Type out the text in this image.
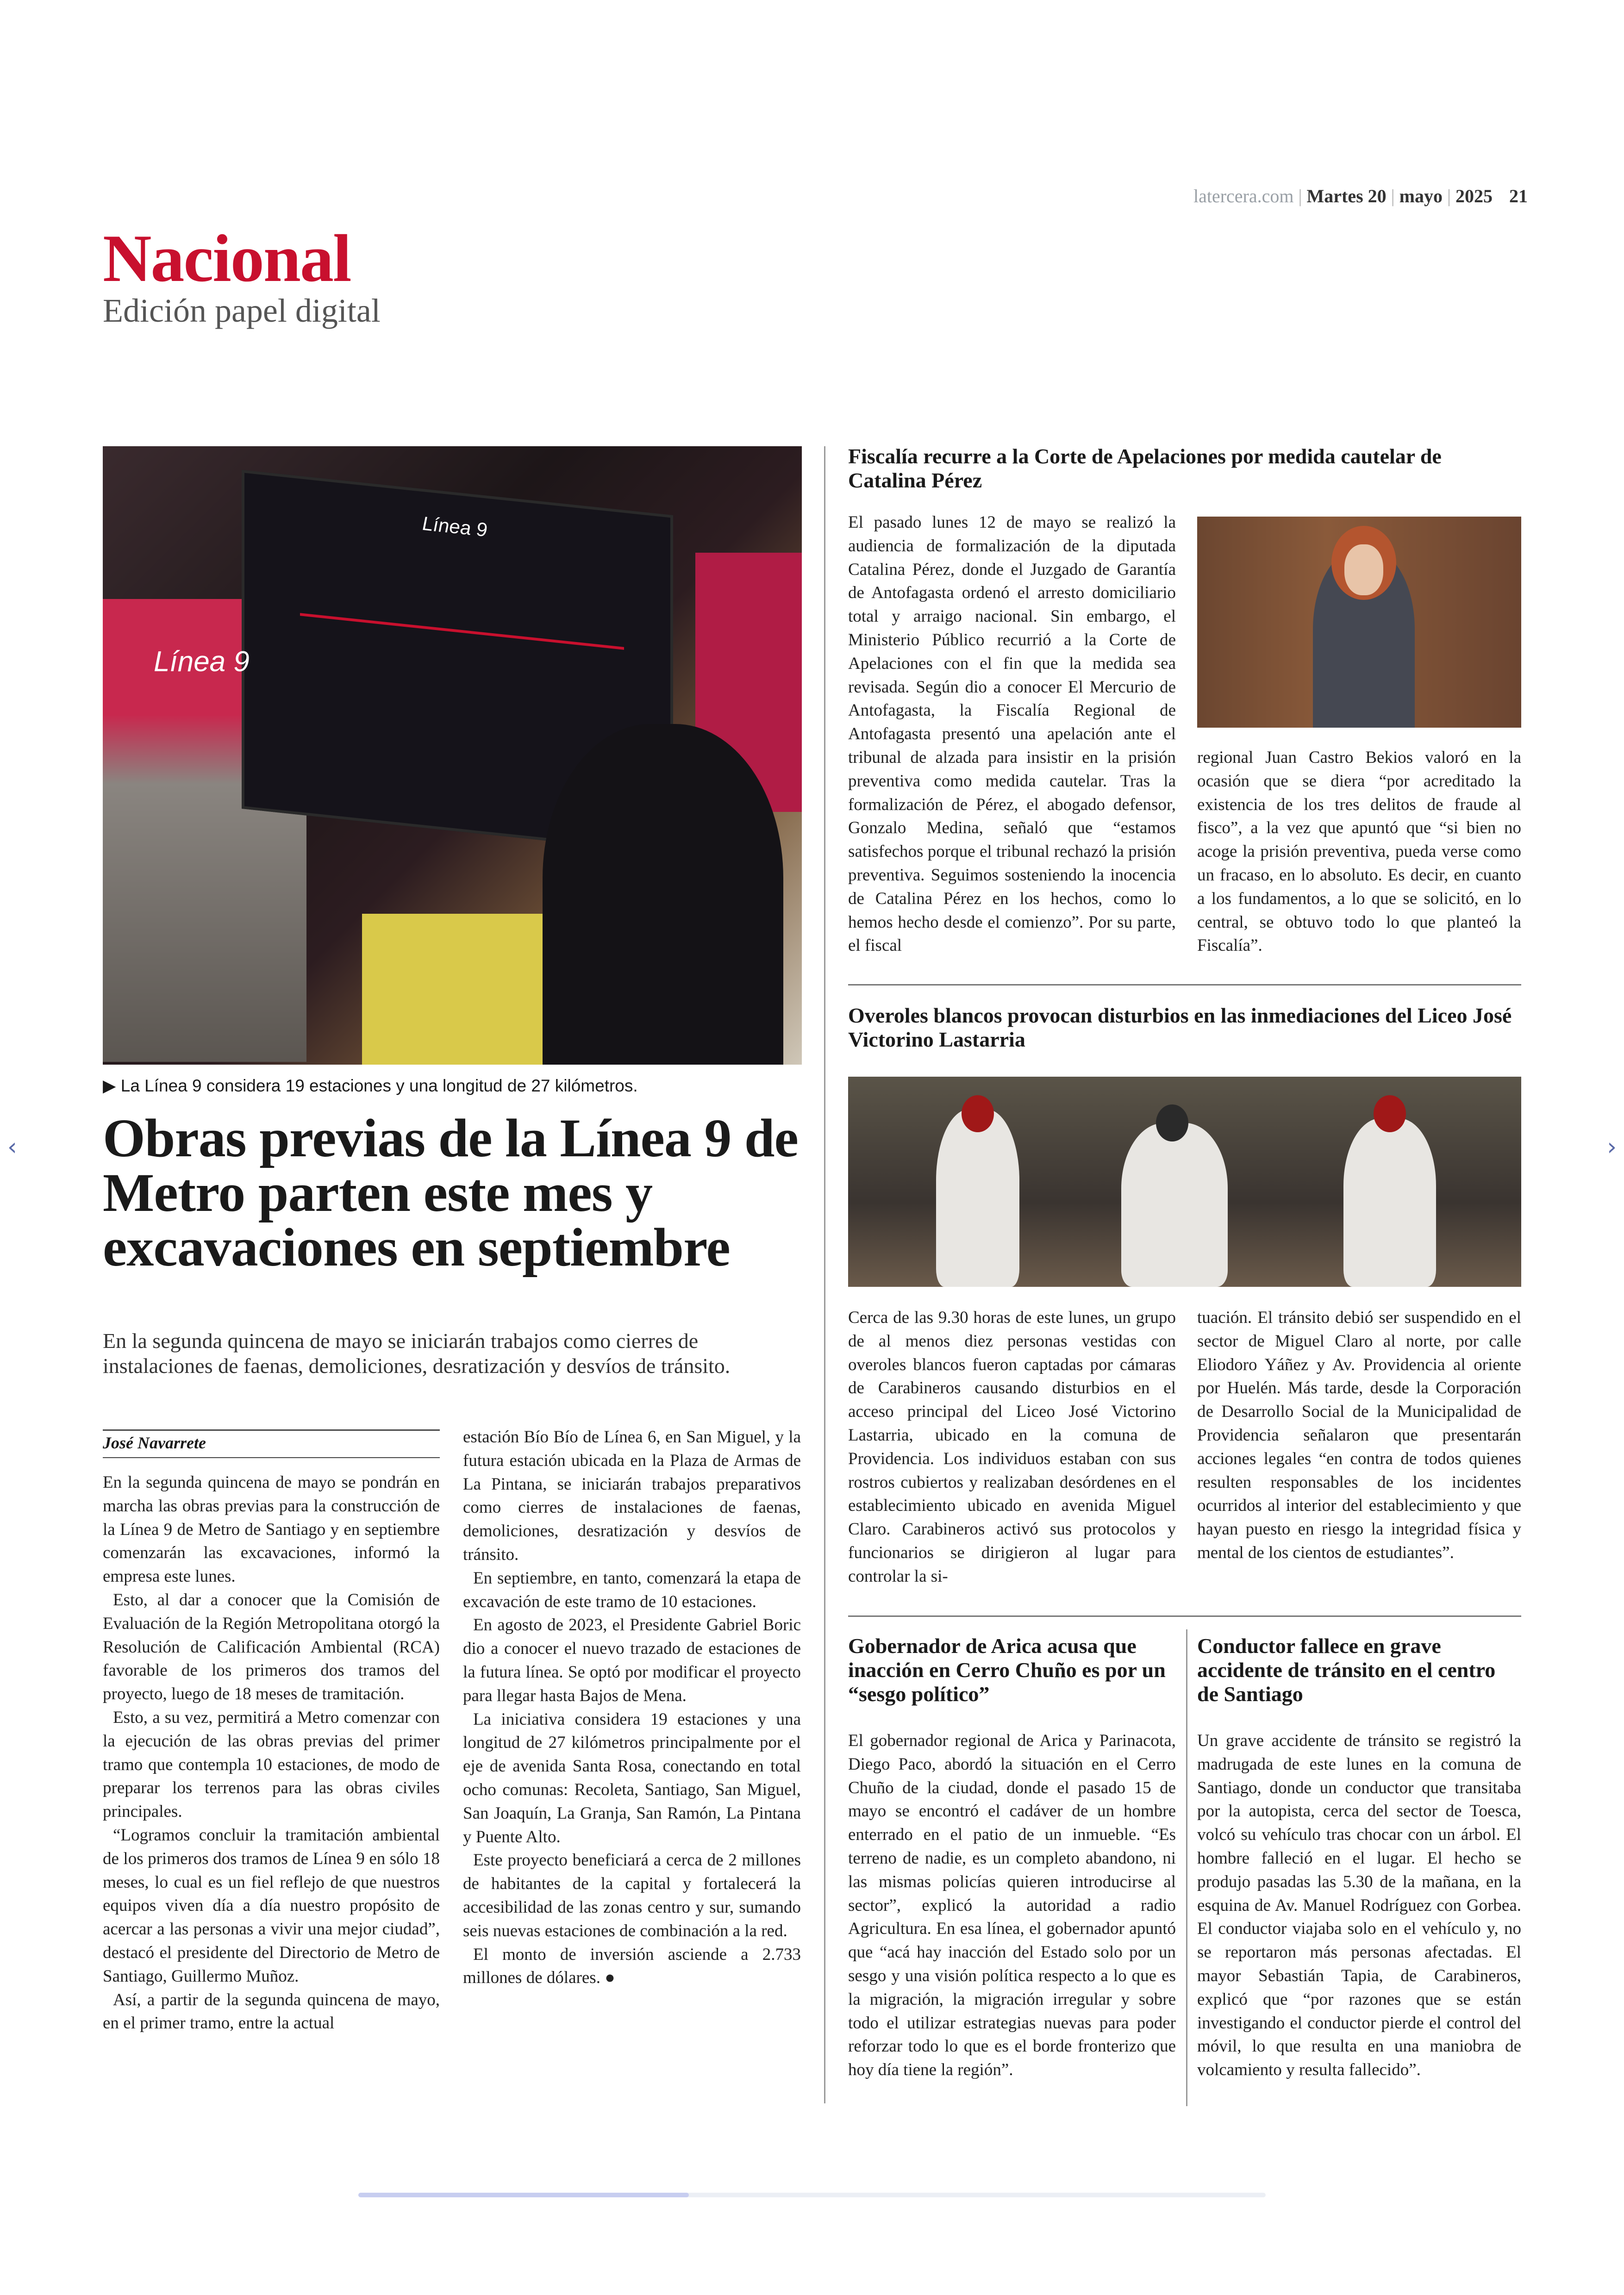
latercera.com | Martes 20 | mayo | 2025 21
Nacional
Edición papel digital
Línea 9
Línea 9
▶ La Línea 9 considera 19 estaciones y una longitud de 27 kilómetros.
Obras previas de la Línea 9 de Metro parten este mes y excavaciones en septiembre
En la segunda quincena de mayo se iniciarán trabajos como cierres de instalaciones de faenas, demoliciones, desratización y desvíos de tránsito.
José Navarrete

En la segunda quincena de mayo se pondrán en marcha las obras previas para la construcción de la Línea 9 de Metro de Santiago y en septiembre comenzarán las excavaciones, informó la empresa este lunes.

Esto, al dar a conocer que la Comisión de Evaluación de la Región Metropolitana otorgó la Resolución de Calificación Ambiental (RCA) favorable de los primeros dos tramos del proyecto, luego de 18 meses de tramitación.

Esto, a su vez, permitirá a Metro comenzar con la ejecución de las obras previas del primer tramo que contempla 10 estaciones, de modo de preparar los terrenos para las obras civiles principales.

“Logramos concluir la tramitación ambiental de los primeros dos tramos de Línea 9 en sólo 18 meses, lo cual es un fiel reflejo de que nuestros equipos viven día a día nuestro propósito de acercar a las personas a vivir una mejor ciudad”, destacó el presidente del Directorio de Metro de Santiago, Guillermo Muñoz.

Así, a partir de la segunda quincena de mayo, en el primer tramo, entre la actual

estación Bío Bío de Línea 6, en San Miguel, y la futura estación ubicada en la Plaza de Armas de La Pintana, se iniciarán trabajos preparativos como cierres de instalaciones de faenas, demoliciones, desratización y desvíos de tránsito.

En septiembre, en tanto, comenzará la etapa de excavación de este tramo de 10 estaciones.

En agosto de 2023, el Presidente Gabriel Boric dio a conocer el nuevo trazado de estaciones de la futura línea. Se optó por modificar el proyecto para llegar hasta Bajos de Mena.

La iniciativa considera 19 estaciones y una longitud de 27 kilómetros principalmente por el eje de avenida Santa Rosa, conectando en total ocho comunas: Recoleta, Santiago, San Miguel, San Joaquín, La Granja, San Ramón, La Pintana y Puente Alto.

Este proyecto beneficiará a cerca de 2 millones de habitantes de la capital y fortalecerá la accesibilidad de las zonas centro y sur, sumando seis nuevas estaciones de combinación a la red.

El monto de inversión asciende a 2.733 millones de dólares. ●

Fiscalía recurre a la Corte de Apelaciones por medida cautelar de Catalina Pérez

El pasado lunes 12 de mayo se realizó la audiencia de formalización de la diputada Catalina Pérez, donde el Juzgado de Garantía de Antofagasta ordenó el arresto domiciliario total y arraigo nacional. Sin embargo, el Ministerio Público recurrió a la Corte de Apelaciones con el fin que la medida sea revisada. Según dio a conocer El Mercurio de Antofagasta, la Fiscalía Regional de Antofagasta presentó una apelación ante el tribunal de alzada para insistir en la prisión preventiva como medida cautelar. Tras la formalización de Pérez, el abogado defensor, Gonzalo Medina, señaló que “estamos satisfechos porque el tribunal rechazó la prisión preventiva. Seguimos sosteniendo la inocencia de Catalina Pérez en los hechos, como lo hemos hecho desde el comienzo”. Por su parte, el fiscal

regional Juan Castro Bekios valoró en la ocasión que se diera “por acreditado la existencia de los tres delitos de fraude al fisco”, a la vez que apuntó que “si bien no acoge la prisión preventiva, pueda verse como un fracaso, en lo absoluto. Es decir, en cuanto a los fundamentos, a lo que se solicitó, en lo central, se obtuvo todo lo que planteó la Fiscalía”.

Overoles blancos provocan disturbios en las inmediaciones del Liceo José Victorino Lastarria

Cerca de las 9.30 horas de este lunes, un grupo de al menos diez personas vestidas con overoles blancos fueron captadas por cámaras de Carabineros causando disturbios en el acceso principal del Liceo José Victorino Lastarria, ubicado en la comuna de Providencia. Los individuos estaban con sus rostros cubiertos y realizaban desórdenes en el establecimiento ubicado en avenida Miguel Claro. Carabineros activó sus protocolos y funcionarios se dirigieron al lugar para controlar la si-

tuación. El tránsito debió ser suspendido en el sector de Miguel Claro al norte, por calle Eliodoro Yáñez y Av. Providencia al oriente por Huelén. Más tarde, desde la Corporación de Desarrollo Social de la Municipalidad de Providencia señalaron que presentarán acciones legales “en contra de todos quienes resulten responsables de los incidentes ocurridos al interior del establecimiento y que hayan puesto en riesgo la integridad física y mental de los cientos de estudiantes”.

Gobernador de Arica acusa que inacción en Cerro Chuño es por un “sesgo político”

El gobernador regional de Arica y Parinacota, Diego Paco, abordó la situación en el Cerro Chuño de la ciudad, donde el pasado 15 de mayo se encontró el cadáver de un hombre enterrado en el patio de un inmueble. “Es terreno de nadie, es un completo abandono, ni las mismas policías quieren introducirse al sector”, explicó la autoridad a radio Agricultura. En esa línea, el gobernador apuntó que “acá hay inacción del Estado solo por un sesgo y una visión política respecto a lo que es la migración, la migración irregular y sobre todo el utilizar estrategias nuevas para poder reforzar todo lo que es el borde fronterizo que hoy día tiene la región”.

Conductor fallece en grave accidente de tránsito en el centro de Santiago

Un grave accidente de tránsito se registró la madrugada de este lunes en la comuna de Santiago, donde un conductor que transitaba por la autopista, cerca del sector de Toesca, volcó su vehículo tras chocar con un árbol. El hombre falleció en el lugar. El hecho se produjo pasadas las 5.30 de la mañana, en la esquina de Av. Manuel Rodríguez con Gorbea. El conductor viajaba solo en el vehículo y, no se reportaron más personas afectadas. El mayor Sebastián Tapia, de Carabineros, explicó que “por razones que se están investigando el conductor pierde el control del móvil, lo que resulta en una maniobra de volcamiento y resulta fallecido”.

‹	›
